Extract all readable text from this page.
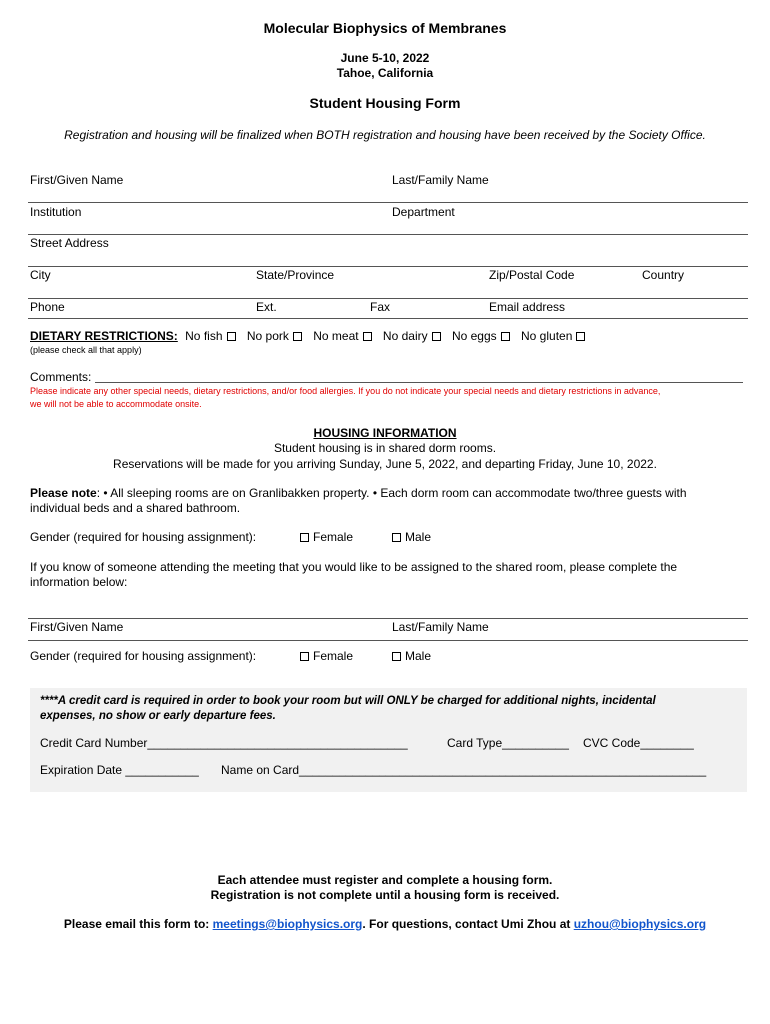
Molecular Biophysics of Membranes
June 5-10, 2022
Tahoe, California
Student Housing Form
Registration and housing will be finalized when BOTH registration and housing have been received by the Society Office.
First/Given Name	Last/Family Name
Institution	Department
Street Address
City	State/Province	Zip/Postal Code	Country
Phone	Ext.	Fax	Email address
DIETARY RESTRICTIONS: No fish No pork No meat No dairy No eggs No gluten
(please check all that apply)
Comments:
Please indicate any other special needs, dietary restrictions, and/or food allergies. If you do not indicate your special needs and dietary restrictions in advance,
we will not be able to accommodate onsite.
HOUSING INFORMATION
Student housing is in shared dorm rooms.
Reservations will be made for you arriving Sunday, June 5, 2022, and departing Friday, June 10, 2022.
Please note: • All sleeping rooms are on Granlibakken property. • Each dorm room can accommodate two/three guests with
individual beds and a shared bathroom.
Gender (required for housing assignment):	Female	Male
If you know of someone attending the meeting that you would like to be assigned to the shared room, please complete the
information below:
First/Given Name	Last/Family Name
Gender (required for housing assignment):	Female	Male
****A credit card is required in order to book your room but will ONLY be charged for additional nights, incidental
expenses, no show or early departure fees.
Credit Card Number_______________________________________	Card Type__________ CVC Code________
Expiration Date ___________ Name on Card_____________________________________________________________
Each attendee must register and complete a housing form.
Registration is not complete until a housing form is received.
Please email this form to: meetings@biophysics.org. For questions, contact Umi Zhou at uzhou@biophysics.org
